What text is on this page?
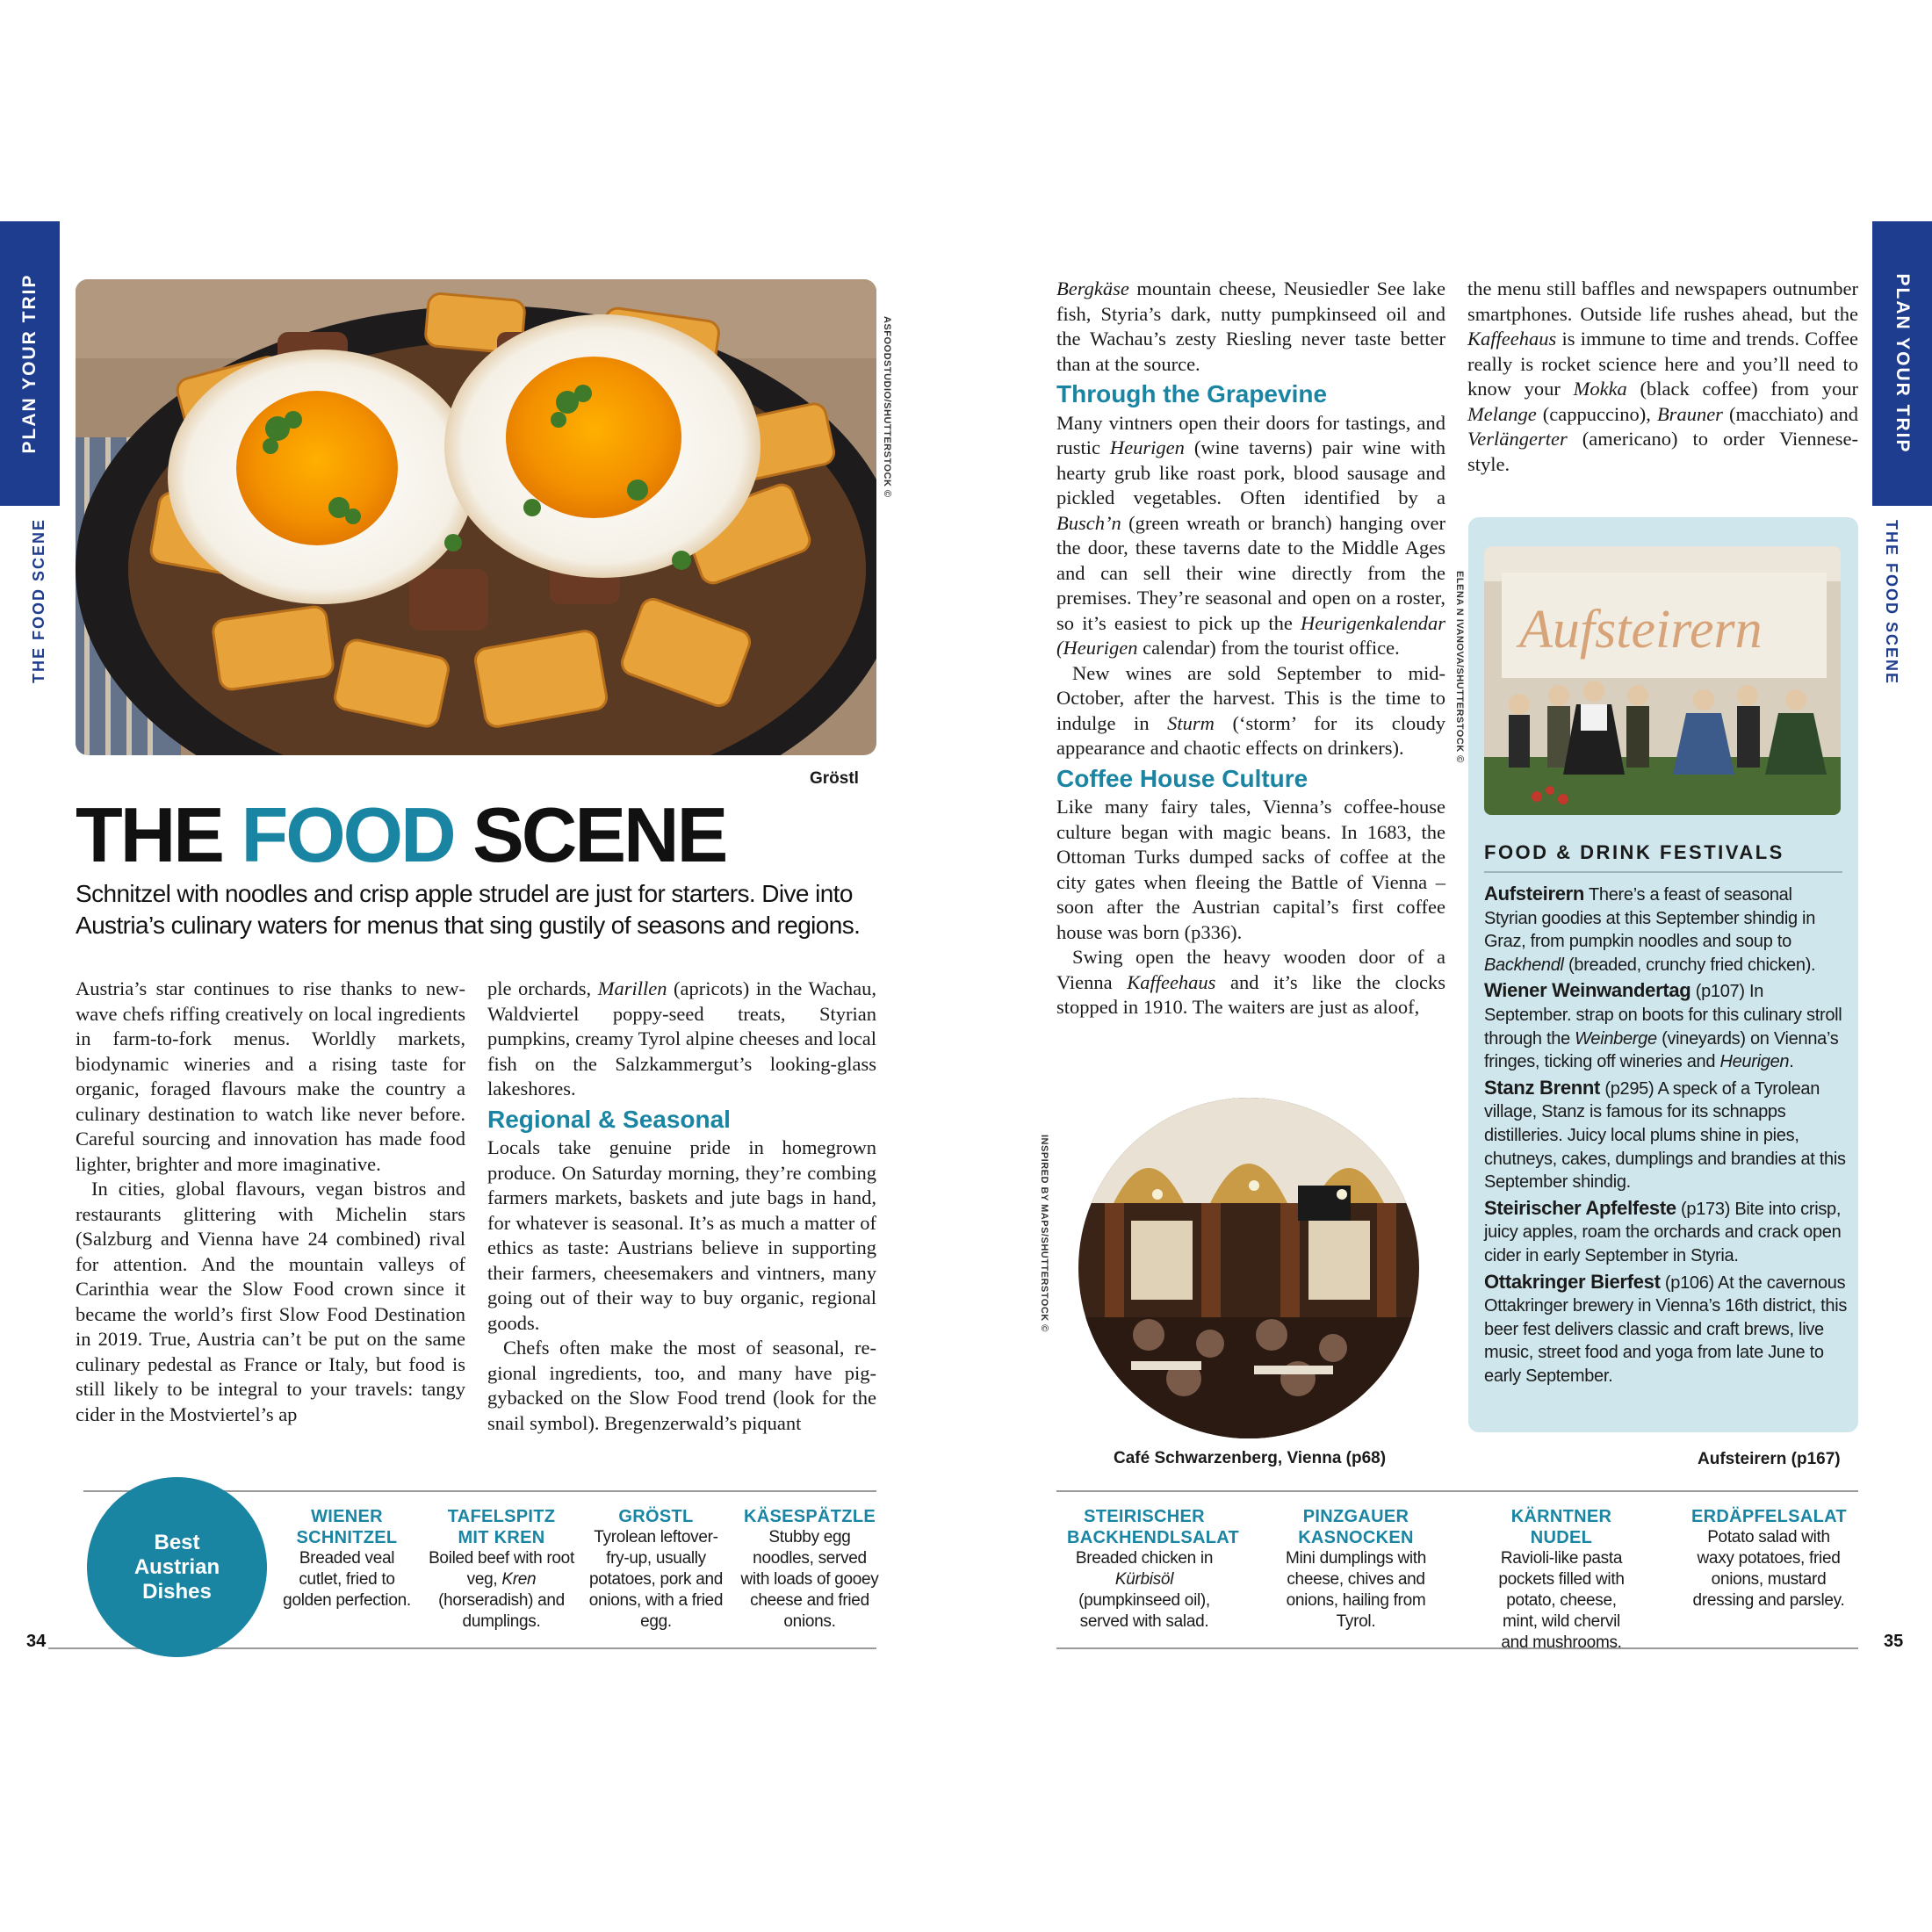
PLAN YOUR TRIP
THE FOOD SCENE
PLAN YOUR TRIP
THE FOOD SCENE
ASFOODSTUDIO/SHUTTERSTOCK ©
Gröstl
THE FOOD SCENE
Schnitzel with noodles and crisp apple strudel are just for starters. Dive into Austria’s culinary waters for menus that sing gustily of seasons and regions.

Austria’s star continues to rise thanks to new-wave chefs riffing creatively on local ingredients in farm-to-fork menus. Worldly markets, biodynamic wineries and a rising taste for organic, foraged flavours make the country a culinary destination to watch like never before. Careful sourcing and innovation has made food lighter, brighter and more imaginative.

In cities, global flavours, vegan bistros and restaurants glittering with Michelin stars (Salzburg and Vienna have 24 combined) rival for attention. And the mountain valleys of Carinthia wear the Slow Food crown since it became the world’s first Slow Food Destination in 2019. True, Austria can’t be put on the same culinary pedestal as France or Italy, but food is still likely to be integral to your travels: tangy cider in the Mostviertel’s ap

ple orchards, Marillen (apricots) in the Wachau, Waldviertel poppy-seed treats, Styrian pumpkins, creamy Tyrol alpine cheeses and local fish on the Salzkammergut’s looking-glass lakeshores.

Regional & Seasonal

Locals take genuine pride in homegrown produce. On Saturday morning, they’re combing farmers markets, baskets and jute bags in hand, for whatever is seasonal. It’s as much a matter of ethics as taste: Austrians believe in supporting their farmers, cheesemakers and vintners, many going out of their way to buy organic, regional goods.

Chefs often make the most of seasonal, regional ingredients, too, and many have piggybacked on the Slow Food trend (look for the snail symbol). Bregenzerwald’s piquant

Bergkäse mountain cheese, Neusiedler See lake fish, Styria’s dark, nutty pumpkinseed oil and the Wachau’s zesty Riesling never taste better than at the source.

Through the Grapevine

Many vintners open their doors for tastings, and rustic Heurigen (wine taverns) pair wine with hearty grub like roast pork, blood sausage and pickled vegetables. Often identified by a Busch’n (green wreath or branch) hanging over the door, these taverns date to the Middle Ages and can sell their wine directly from the premises. They’re seasonal and open on a roster, so it’s easiest to pick up the Heurigenkalendar (Heurigen calendar) from the tourist office.

New wines are sold September to mid-October, after the harvest. This is the time to indulge in Sturm (‘storm’ for its cloudy appearance and chaotic effects on drinkers).

Coffee House Culture

Like many fairy tales, Vienna’s coffee-house culture began with magic beans. In 1683, the Ottoman Turks dumped sacks of coffee at the city gates when fleeing the Battle of Vienna – soon after the Austrian capital’s first coffee house was born (p336).

Swing open the heavy wooden door of a Vienna Kaffeehaus and it’s like the clocks stopped in 1910. The waiters are just as aloof,

ELENA N IVANOVA/SHUTTERSTOCK ©

the menu still baffles and newspapers outnumber smartphones. Outside life rushes ahead, but the Kaffeehaus is immune to time and trends. Coffee really is rocket science here and you’ll need to know your Mokka (black coffee) from your Melange (cappuccino), Brauner (macchiato) and Verlängerter (americano) to order Viennese-style.

INSPIRED BY MAPS/SHUTTERSTOCK ©
Café Schwarzenberg, Vienna (p68)
Aufsteirern
FOOD & DRINK FESTIVALS
Aufsteirern There’s a feast of seasonal Styrian goodies at this September shindig in Graz, from pumpkin noodles and soup to Backhendl (breaded, crunchy fried chicken).
Wiener Weinwandertag (p107) In September. strap on boots for this culinary stroll through the Weinberge (vineyards) on Vienna’s fringes, ticking off wineries and Heurigen.
Stanz Brennt (p295) A speck of a Tyrolean village, Stanz is famous for its schnapps distilleries. Juicy local plums shine in pies, chutneys, cakes, dumplings and brandies at this September shindig.
Steirischer Apfelfeste (p173) Bite into crisp, juicy apples, roam the orchards and crack open cider in early September in Styria.
Ottakringer Bierfest (p106) At the cavernous Ottakringer brewery in Vienna’s 16th district, this beer fest delivers classic and craft brews, live music, street food and yoga from late June to early September.
Aufsteirern (p167)
Best Austrian Dishes
WIENER SCHNITZEL
Breaded veal cutlet, fried to golden perfection.
TAFELSPITZ MIT KREN
Boiled beef with root veg, Kren (horseradish) and dumplings.
GRÖSTL
Tyrolean leftover-fry-up, usually potatoes, pork and onions, with a fried egg.
KÄSESPÄTZLE
Stubby egg noodles, served with loads of gooey cheese and fried onions.
STEIRISCHER BACKHENDLSALAT
Breaded chicken in Kürbisöl (pumpkinseed oil), served with salad.
PINZGAUER KASNOCKEN
Mini dumplings with cheese, chives and onions, hailing from Tyrol.
KÄRNTNER NUDEL
Ravioli-like pasta pockets filled with potato, cheese, mint, wild chervil and mushrooms.
ERDÄPFELSALAT
Potato salad with waxy potatoes, fried onions, mustard dressing and parsley.
34	35
